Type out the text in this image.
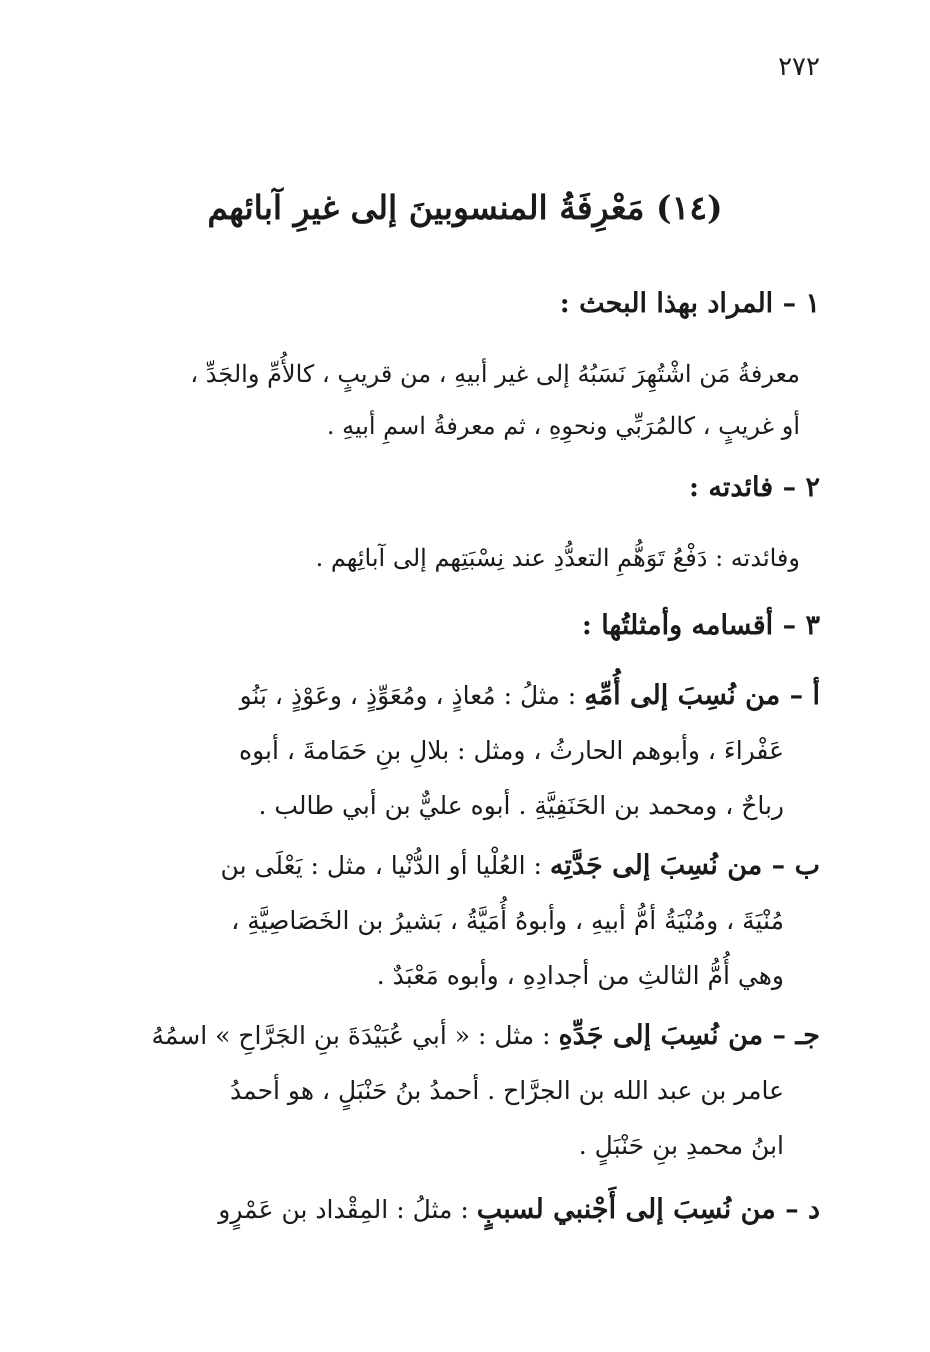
٢٧٢
(١٤) مَعْرِفَةُ المنسوبينَ إلى غيرِ آبائهم
١ – المراد بهذا البحث :
معرفةُ مَن اشْتُهِرَ نَسَبُهُ إلى غير أبيهِ ، من قريبٍ ، كالأُمِّ والجَدِّ ،
أو غريبٍ ، كالمُرَبِّي ونحوِهِ ، ثم معرفةُ اسمِ أبيهِ .
٢ – فائدته :
وفائدته : دَفْعُ تَوَهُّمِ التعدُّدِ عند نِسْبَتِهم إلى آبائِهم .
٣ – أقسامه وأمثلتُها :
أ – من نُسِبَ إلى أُمِّهِ : مثلُ : مُعاذٍ ، ومُعَوِّذٍ ، وعَوْذٍ ، بَنُو
عَفْراءَ ، وأبوهم الحارثُ ، ومثل : بلالِ بنِ حَمَامةَ ، أبوه
رباحٌ ، ومحمد بن الحَنَفِيَّةِ . أبوه عليٌّ بن أبي طالب .
ب – من نُسِبَ إلى جَدَّتِه : العُلْيا أو الدُّنْيا ، مثل : يَعْلَى بن
مُنْيَةَ ، ومُنْيَةُ أمُّ أبيهِ ، وأبوهُ أُمَيَّةُ ، بَشيرُ بن الخَصَاصِيَّةِ ،
وهي أُمُّ الثالثِ من أجدادِهِ ، وأبوه مَعْبَدٌ .
جـ – من نُسِبَ إلى جَدِّهِ : مثل : « أبي عُبَيْدَةَ بنِ الجَرَّاحِ » اسمُهُ
عامر بن عبد الله بن الجرَّاح . أحمدُ بنُ حَنْبَلٍ ، هو أحمدُ
ابنُ محمدِ بنِ حَنْبَلٍ .
د – من نُسِبَ إلى أَجْنبي لسببٍ : مثلُ : المِقْداد بن عَمْرٍو
